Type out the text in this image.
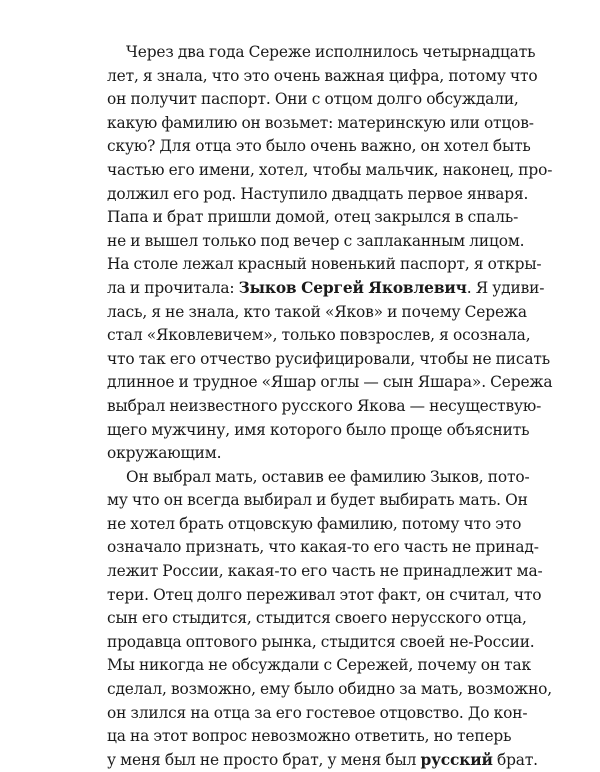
Через два года Сереже исполнилось четырнадцать
лет, я знала, что это очень важная цифра, потому что
он получит паспорт. Они с отцом долго обсуждали,
какую фамилию он возьмет: материнскую или отцов-
скую? Для отца это было очень важно, он хотел быть
частью его имени, хотел, чтобы мальчик, наконец, про-
должил его род. Наступило двадцать первое января.
Папа и брат пришли домой, отец закрылся в спаль-
не и вышел только под вечер с заплаканным лицом.
На столе лежал красный новенький паспорт, я откры-
ла и прочитала: Зыков Сергей Яковлевич. Я удиви-
лась, я не знала, кто такой «Яков» и почему Сережа
стал «Яковлевичем», только повзрослев, я осознала,
что так его отчество русифицировали, чтобы не писать
длинное и трудное «Яшар оглы — сын Яшара». Сережа
выбрал неизвестного русского Якова — несуществую-
щего мужчину, имя которого было проще объяснить
окружающим.

Он выбрал мать, оставив ее фамилию Зыков, пото-
му что он всегда выбирал и будет выбирать мать. Он
не хотел брать отцовскую фамилию, потому что это
означало признать, что какая-то его часть не принад-
лежит России, какая-то его часть не принадлежит ма-
тери. Отец долго переживал этот факт, он считал, что
сын его стыдится, стыдится своего нерусского отца,
продавца оптового рынка, стыдится своей не-России.
Мы никогда не обсуждали с Сережей, почему он так
сделал, возможно, ему было обидно за мать, возможно,
он злился на отца за его гостевое отцовство. До кон-
ца на этот вопрос невозможно ответить, но теперь
у меня был не просто брат, у меня был русский брат.
